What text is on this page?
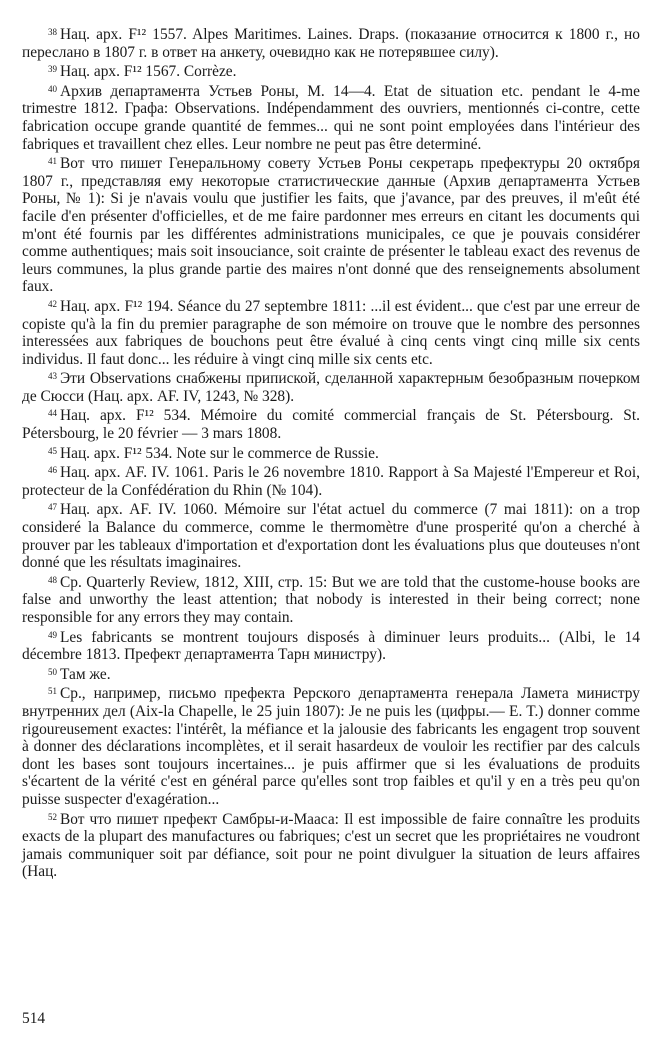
$^{38}$ Нац. арх. F¹² 1557. Alpes Maritimes. Laines. Draps. (показание относится к 1800 г., но переслано в 1807 г. в ответ на анкету, очевидно как не потерявшее силу).

$^{39}$ Нац. арх. F¹² 1567. Corrèze.

$^{40}$ Архив департамента Устьев Роны, M. 14—4. Etat de situation etc. pendant le 4-me trimestre 1812. Графа: Observations. Indépendamment des ouvriers, mentionnés ci-contre, cette fabrication occupe grande quantité de femmes... qui ne sont point employées dans l'intérieur des fabriques et travaillent chez elles. Leur nombre ne peut pas être determiné.

$^{41}$ Вот что пишет Генеральному совету Устьев Роны секретарь префектуры 20 октября 1807 г., представляя ему некоторые статистические данные (Архив департамента Устьев Роны, № 1): Si je n'avais voulu que justifier les faits, que j'avance, par des preuves, il m'eût été facile d'en présenter d'officielles, et de me faire pardonner mes erreurs en citant les documents qui m'ont été fournis par les différentes administrations municipales, ce que je pouvais considérer comme authentiques; mais soit insouciance, soit crainte de présenter le tableau exact des revenus de leurs communes, la plus grande partie des maires n'ont donné que des renseignements absolument faux.

$^{42}$ Нац. арх. F¹² 194. Séance du 27 septembre 1811: ...il est évident... que c'est par une erreur de copiste qu'à la fin du premier paragraphe de son mémoire on trouve que le nombre des personnes interessées aux fabriques de bouchons peut être évalué à cinq cents vingt cinq mille six cents individus. Il faut donc... les réduire à vingt cinq mille six cents etc.

$^{43}$ Эти Observations снабжены припиской, сделанной характерным безобразным почерком де Сюсси (Нац. арх. AF. IV, 1243, № 328).

$^{44}$ Нац. арх. F¹² 534. Mémoire du comité commercial français de St. Pétersbourg. St. Pétersbourg, le 20 février — 3 mars 1808.

$^{45}$ Нац. арх. F¹² 534. Note sur le commerce de Russie.

$^{46}$ Нац. арх. AF. IV. 1061. Paris le 26 novembre 1810. Rapport à Sa Majesté l'Empereur et Roi, protecteur de la Confédération du Rhin (№ 104).

$^{47}$ Нац. арх. AF. IV. 1060. Mémoire sur l'état actuel du commerce (7 mai 1811): on a trop consideré la Balance du commerce, comme le thermomètre d'une prosperité qu'on a cherché à prouver par les tableaux d'importation et d'exportation dont les évaluations plus que douteuses n'ont donné que les résultats imaginaires.

$^{48}$ Ср. Quarterly Review, 1812, XIII, стр. 15: But we are told that the custome-house books are false and unworthy the least attention; that nobody is interested in their being correct; none responsible for any errors they may contain.

$^{49}$ Les fabricants se montrent toujours disposés à diminuer leurs produits... (Albi, le 14 décembre 1813. Префект департамента Тарн министру).

$^{50}$ Там же.

$^{51}$ Ср., например, письмо префекта Рерского департамента генерала Ламета министру внутренних дел (Aix-la Chapelle, le 25 juin 1807): Je ne puis les (цифры.— E. T.) donner comme rigoureusement exactes: l'intérêt, la méfiance et la jalousie des fabricants les engagent trop souvent à donner des déclarations incomplètes, et il serait hasardeux de vouloir les rectifier par des calculs dont les bases sont toujours incertaines... je puis affirmer que si les évaluations de produits s'écartent de la vérité c'est en général parce qu'elles sont trop faibles et qu'il y en a très peu qu'on puisse suspecter d'exagération...

$^{52}$ Вот что пишет префект Самбры-и-Мааса: Il est impossible de faire connaître les produits exacts de la plupart des manufactures ou fabriques; c'est un secret que les propriétaires ne voudront jamais communiquer soit par défiance, soit pour ne point divulguer la situation de leurs affaires (Нац.

514
